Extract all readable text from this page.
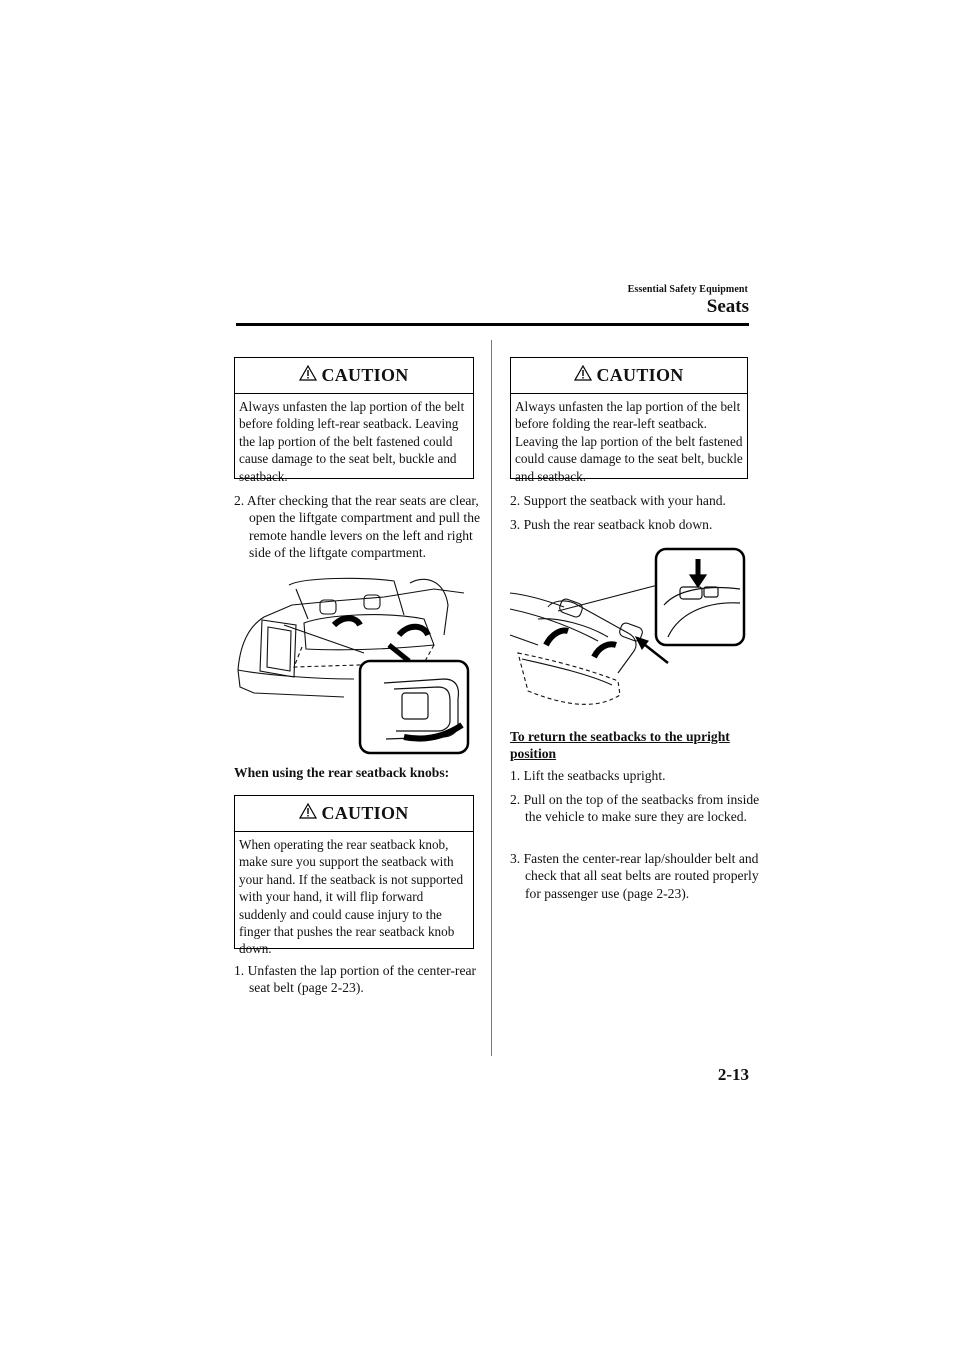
Essential Safety Equipment
Seats
CAUTION
Always unfasten the lap portion of the belt before folding left-rear seatback. Leaving the lap portion of the belt fastened could cause damage to the seat belt, buckle and seatback.
2. After checking that the rear seats are clear, open the liftgate compartment and pull the remote handle levers on the left and right side of the liftgate compartment.
When using the rear seatback knobs:
CAUTION
When operating the rear seatback knob, make sure you support the seatback with your hand. If the seatback is not supported with your hand, it will flip forward suddenly and could cause injury to the finger that pushes the rear seatback knob down.
1. Unfasten the lap portion of the center-rear seat belt (page 2-23).
CAUTION
Always unfasten the lap portion of the belt before folding the rear-left seatback. Leaving the lap portion of the belt fastened could cause damage to the seat belt, buckle and seatback.
2. Support the seatback with your hand.
3. Push the rear seatback knob down.
To return the seatbacks to the upright position
1. Lift the seatbacks upright.
2. Pull on the top of the seatbacks from inside the vehicle to make sure they are locked.
3. Fasten the center-rear lap/shoulder belt and check that all seat belts are routed properly for passenger use (page 2-23).
2-13
